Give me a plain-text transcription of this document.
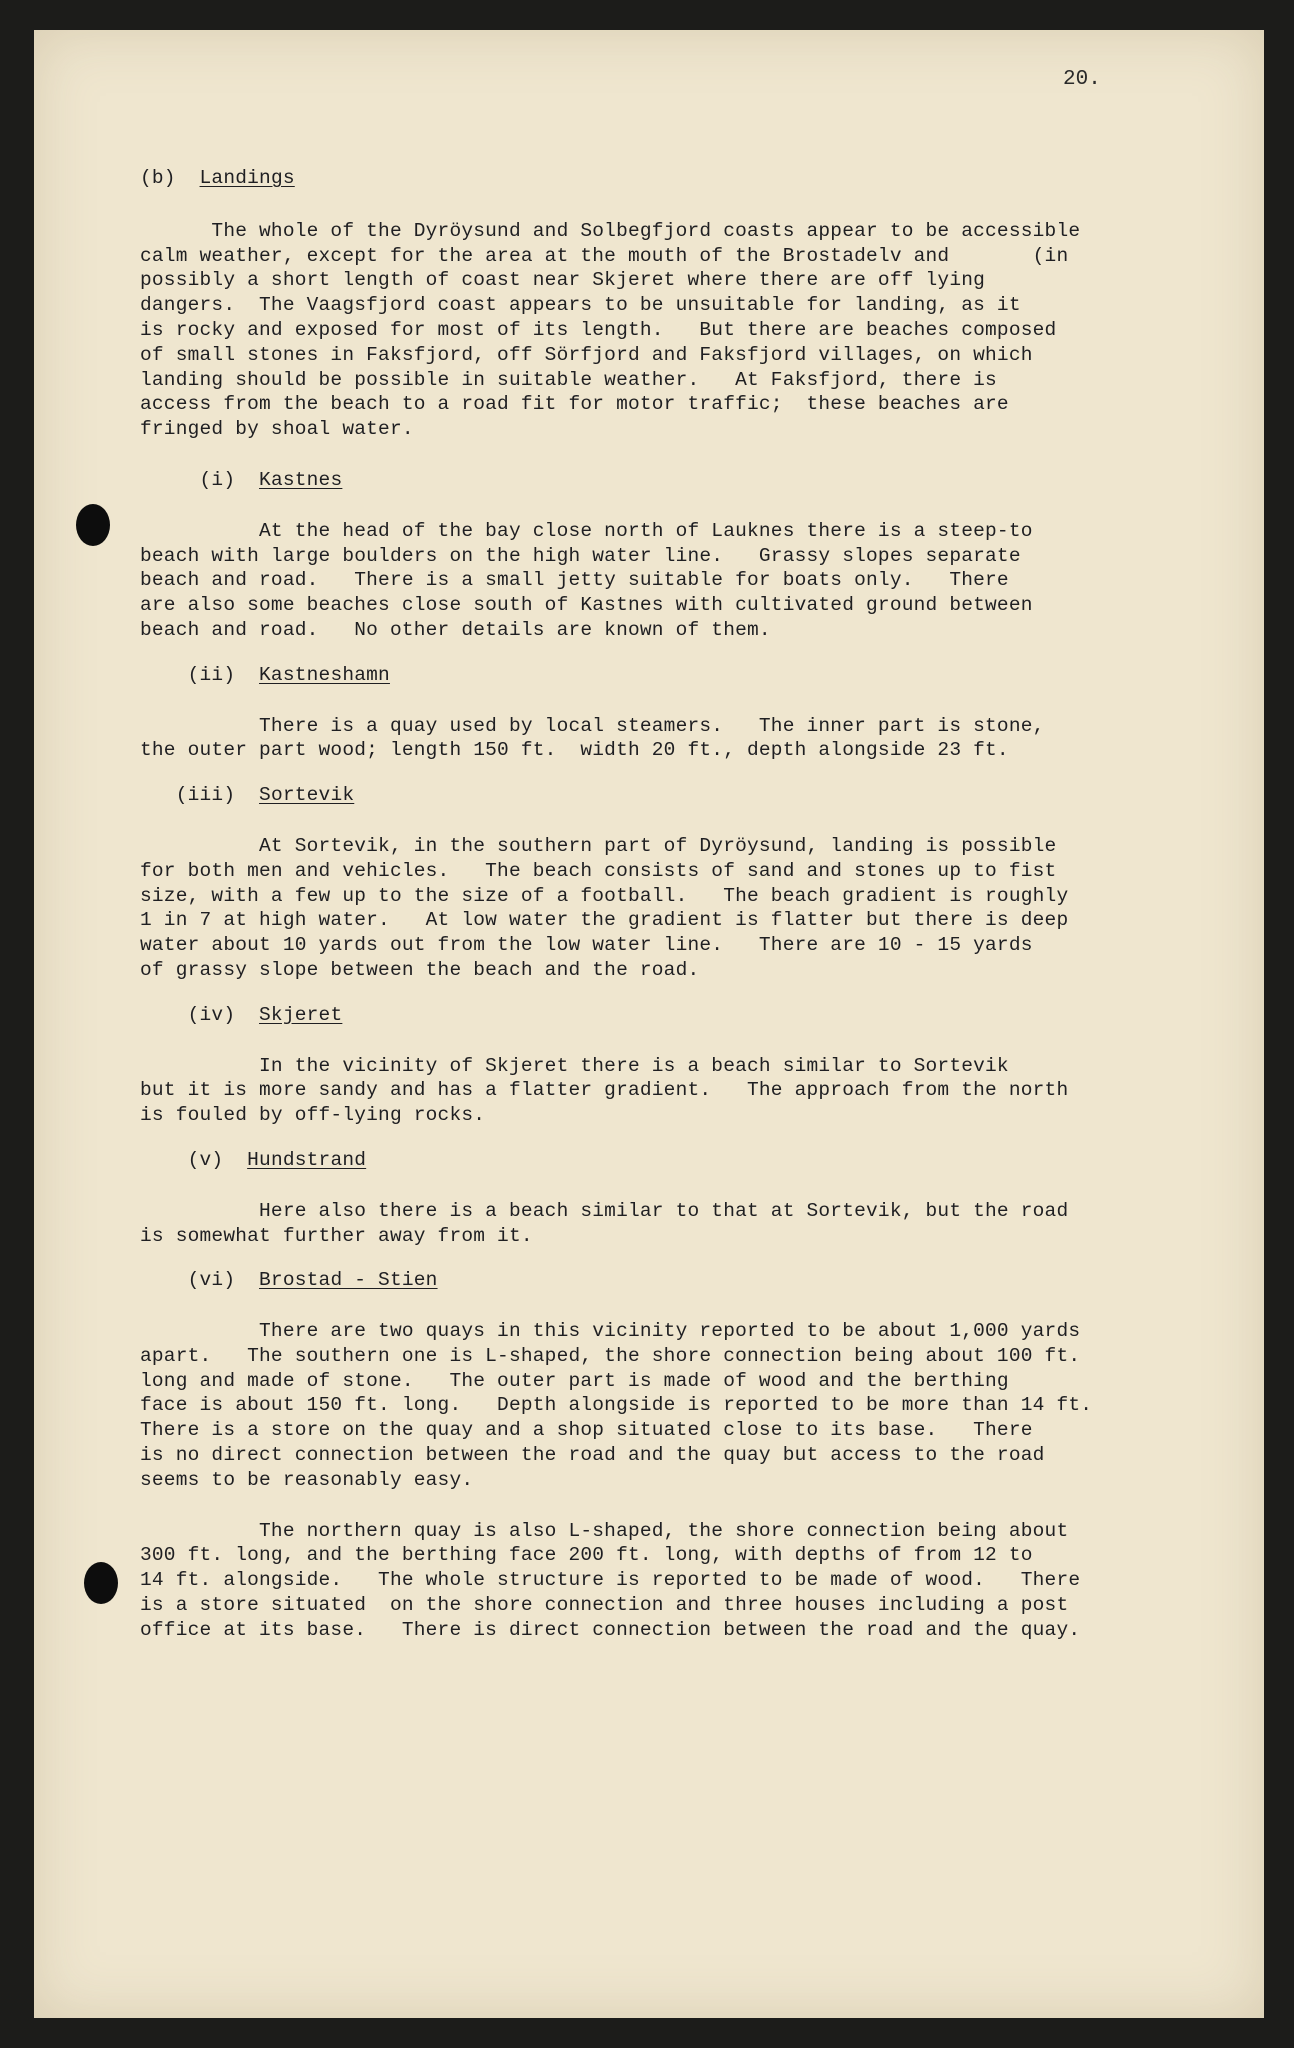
20.
(b) Landings
The whole of the Dyröysund and Solbegfjord coasts appear to be accessible
calm weather, except for the area at the mouth of the Brostadelv and       (in
possibly a short length of coast near Skjeret where there are off lying
dangers.  The Vaagsfjord coast appears to be unsuitable for landing, as it
is rocky and exposed for most of its length.   But there are beaches composed
of small stones in Faksfjord, off Sörfjord and Faksfjord villages, on which
landing should be possible in suitable weather.   At Faksfjord, there is
access from the beach to a road fit for motor traffic;  these beaches are
fringed by shoal water.
(i) Kastnes
At the head of the bay close north of Lauknes there is a steep-to
beach with large boulders on the high water line.   Grassy slopes separate
beach and road.   There is a small jetty suitable for boats only.   There
are also some beaches close south of Kastnes with cultivated ground between
beach and road.   No other details are known of them.
(ii) Kastneshamn
There is a quay used by local steamers.   The inner part is stone,
the outer part wood; length 150 ft.  width 20 ft., depth alongside 23 ft.
(iii) Sortevik
At Sortevik, in the southern part of Dyröysund, landing is possible
for both men and vehicles.   The beach consists of sand and stones up to fist
size, with a few up to the size of a football.   The beach gradient is roughly
1 in 7 at high water.   At low water the gradient is flatter but there is deep
water about 10 yards out from the low water line.   There are 10 - 15 yards
of grassy slope between the beach and the road.
(iv) Skjeret
In the vicinity of Skjeret there is a beach similar to Sortevik
but it is more sandy and has a flatter gradient.   The approach from the north
is fouled by off-lying rocks.
(v) Hundstrand
Here also there is a beach similar to that at Sortevik, but the road
is somewhat further away from it.
(vi) Brostad - Stien
There are two quays in this vicinity reported to be about 1,000 yards
apart.   The southern one is L-shaped, the shore connection being about 100 ft.
long and made of stone.   The outer part is made of wood and the berthing
face is about 150 ft. long.   Depth alongside is reported to be more than 14 ft.
There is a store on the quay and a shop situated close to its base.   There
is no direct connection between the road and the quay but access to the road
seems to be reasonably easy.
The northern quay is also L-shaped, the shore connection being about
300 ft. long, and the berthing face 200 ft. long, with depths of from 12 to
14 ft. alongside.   The whole structure is reported to be made of wood.   There
is a store situated  on the shore connection and three houses including a post
office at its base.   There is direct connection between the road and the quay.
